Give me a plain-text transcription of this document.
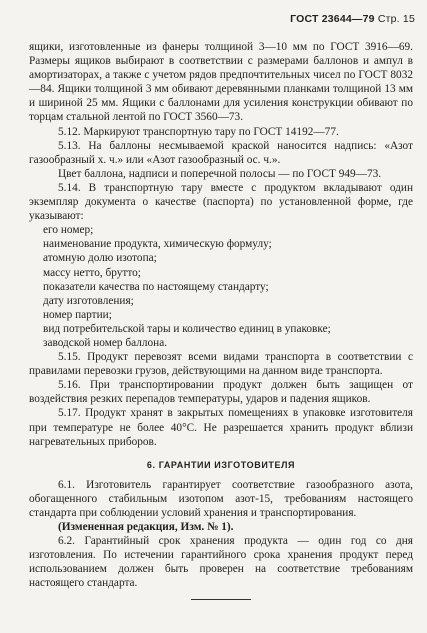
ГОСТ 23644—79 Стр. 15

ящики, изготовленные из фанеры толщиной 3—10 мм по ГОСТ 3916—69. Размеры ящиков выбирают в соответствии с размерами баллонов и ампул в амортизаторах, а также с учетом рядов предпочтительных чисел по ГОСТ 8032—84. Ящики толщиной 3 мм обивают деревянными планками толщиной 13 мм и шириной 25 мм. Ящики с баллонами для усиления конструкции обивают по торцам стальной лентой по ГОСТ 3560—73.

5.12. Маркируют транспортную тару по ГОСТ 14192—77.

5.13. На баллоны несмываемой краской наносится надпись: «Азот газообразный х. ч.» или «Азот газообразный ос. ч.».

Цвет баллона, надписи и поперечной полосы — по ГОСТ 949—73.

5.14. В транспортную тару вместе с продуктом вкладывают один экземпляр документа о качестве (паспорта) по установленной форме, где указывают:

его номер;

наименование продукта, химическую формулу;

атомную долю изотопа;

массу нетто, брутто;

показатели качества по настоящему стандарту;

дату изготовления;

номер партии;

вид потребительской тары и количество единиц в упаковке;

заводской номер баллона.

5.15. Продукт перевозят всеми видами транспорта в соответствии с правилами перевозки грузов, действующими на данном виде транспорта.

5.16. При транспортировании продукт должен быть защищен от воздействия резких перепадов температуры, ударов и падения ящиков.

5.17. Продукт хранят в закрытых помещениях в упаковке изготовителя при температуре не более 40°С. Не разрешается хранить продукт вблизи нагревательных приборов.

6. ГАРАНТИИ ИЗГОТОВИТЕЛЯ

6.1. Изготовитель гарантирует соответствие газообразного азота, обогащенного стабильным изотопом азот-15, требованиям настоящего стандарта при соблюдении условий хранения и транспортирования.

(Измененная редакция, Изм. № 1).

6.2. Гарантийный срок хранения продукта — один год со дня изготовления. По истечении гарантийного срока хранения продукт перед использованием должен быть проверен на соответствие требованиям настоящего стандарта.
